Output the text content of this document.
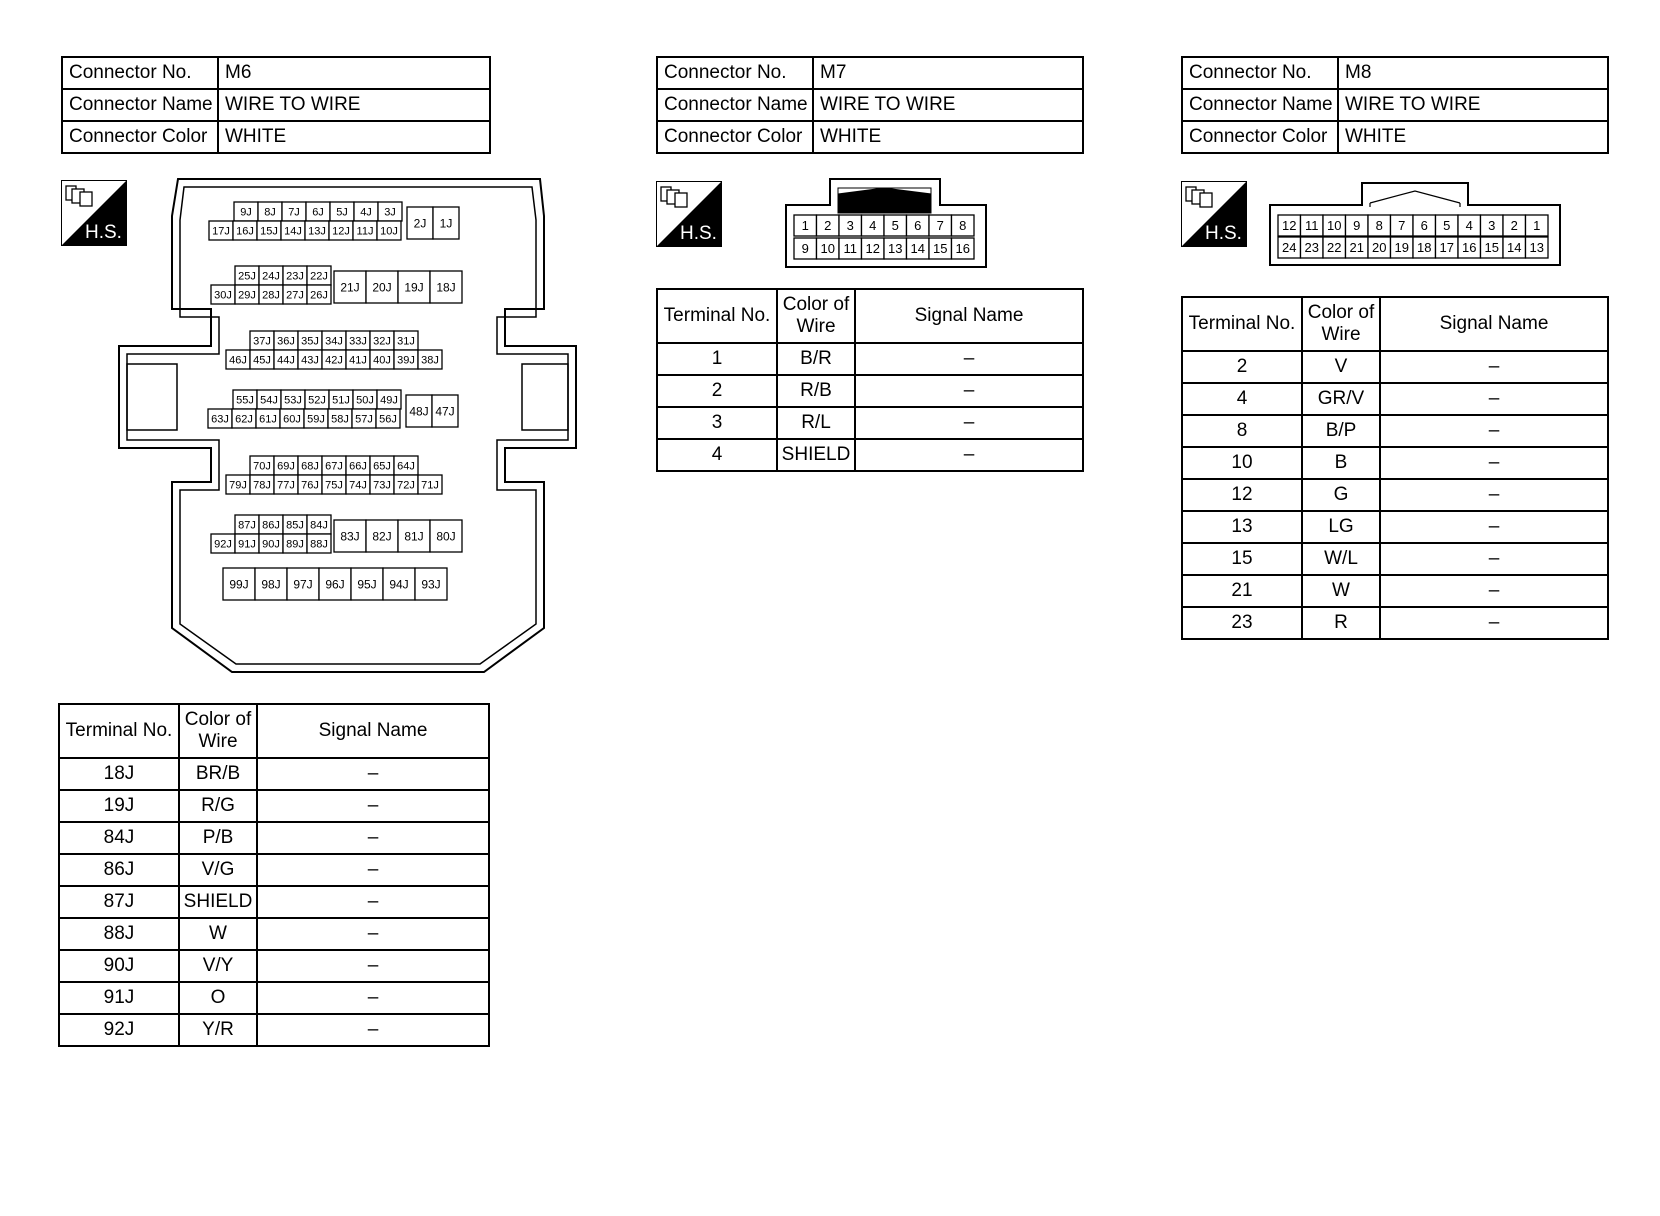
Connector No.	M6
Connector Name	WIRE TO WIRE
Connector Color	WHITE
H.S.
9J 8J 7J 6J 5J 4J 3J
17J 16J 15J 14J 13J 12J 11J 10J
2J 1J
25J 24J 23J 22J
30J 29J 28J 27J 26J
21J 20J 19J 18J
37J 36J 35J 34J 33J 32J 31J
46J 45J 44J 43J 42J 41J 40J 39J 38J
55J 54J 53J 52J 51J 50J 49J
63J 62J 61J 60J 59J 58J 57J 56J
48J 47J
70J 69J 68J 67J 66J 65J 64J
79J 78J 77J 76J 75J 74J 73J 72J 71J
87J 86J 85J 84J
92J 91J 90J 89J 88J
83J 82J 81J 80J
99J 98J 97J 96J 95J 94J 93J
Terminal No.	Color of Wire	Signal Name
18J	BR/B	–
19J	R/G	–
84J	P/B	–
86J	V/G	–
87J	SHIELD	–
88J	W	–
90J	V/Y	–
91J	O	–
92J	Y/R	–
Connector No.	M7
Connector Name	WIRE TO WIRE
Connector Color	WHITE
H.S.	1 2 3 4 5 6 7 8
9 10 11 12 13 14 15 16
Terminal No.	Color of Wire	Signal Name
1	B/R	–
2	R/B	–
3	R/L	–
4	SHIELD	–
Connector No.	M8
Connector Name	WIRE TO WIRE
Connector Color	WHITE
H.S.	12 11 10 9 8 7 6 5 4 3 2 1
24 23 22 21 20 19 18 17 16 15 14 13
Terminal No.	Color of Wire	Signal Name
2	V	–
4	GR/V	–
8	B/P	–
10	B	–
12	G	–
13	LG	–
15	W/L	–
21	W	–
23	R	–
